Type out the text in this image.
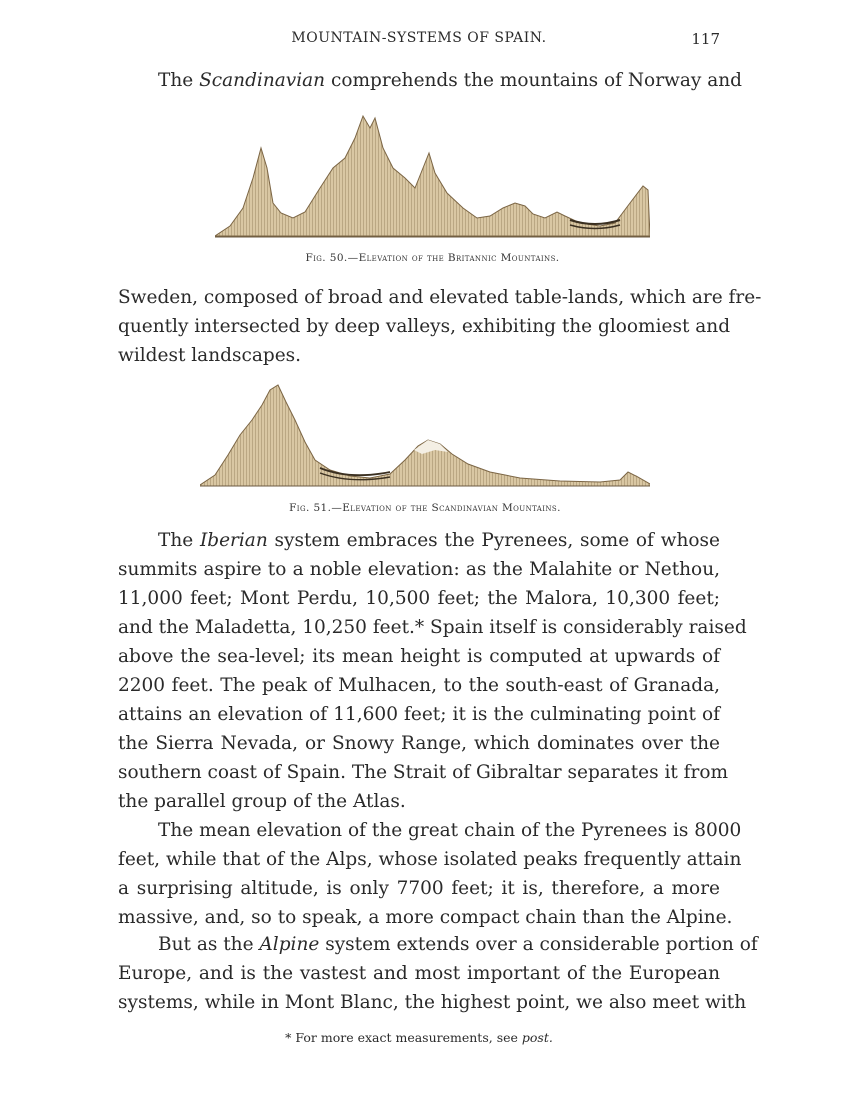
MOUNTAIN-SYSTEMS OF SPAIN.	117

The Scandinavian comprehends the mountains of Norway and

Fig. 50.—Elevation of the Britannic Mountains.

Sweden, composed of broad and elevated table-lands, which are fre-
quently intersected by deep valleys, exhibiting the gloomiest and
wildest landscapes.

Fig. 51.—Elevation of the Scandinavian Mountains.

The Iberian system embraces the Pyrenees, some of whose
summits aspire to a noble elevation: as the Malahite or Nethou,
11,000 feet; Mont Perdu, 10,500 feet; the Malora, 10,300 feet;
and the Maladetta, 10,250 feet.* Spain itself is considerably raised
above the sea-level; its mean height is computed at upwards of
2200 feet. The peak of Mulhacen, to the south-east of Granada,
attains an elevation of 11,600 feet; it is the culminating point of
the Sierra Nevada, or Snowy Range, which dominates over the
southern coast of Spain. The Strait of Gibraltar separates it from
the parallel group of the Atlas.

The mean elevation of the great chain of the Pyrenees is 8000
feet, while that of the Alps, whose isolated peaks frequently attain
a surprising altitude, is only 7700 feet; it is, therefore, a more
massive, and, so to speak, a more compact chain than the Alpine.

But as the Alpine system extends over a considerable portion of
Europe, and is the vastest and most important of the European
systems, while in Mont Blanc, the highest point, we also meet with

* For more exact measurements, see post.
